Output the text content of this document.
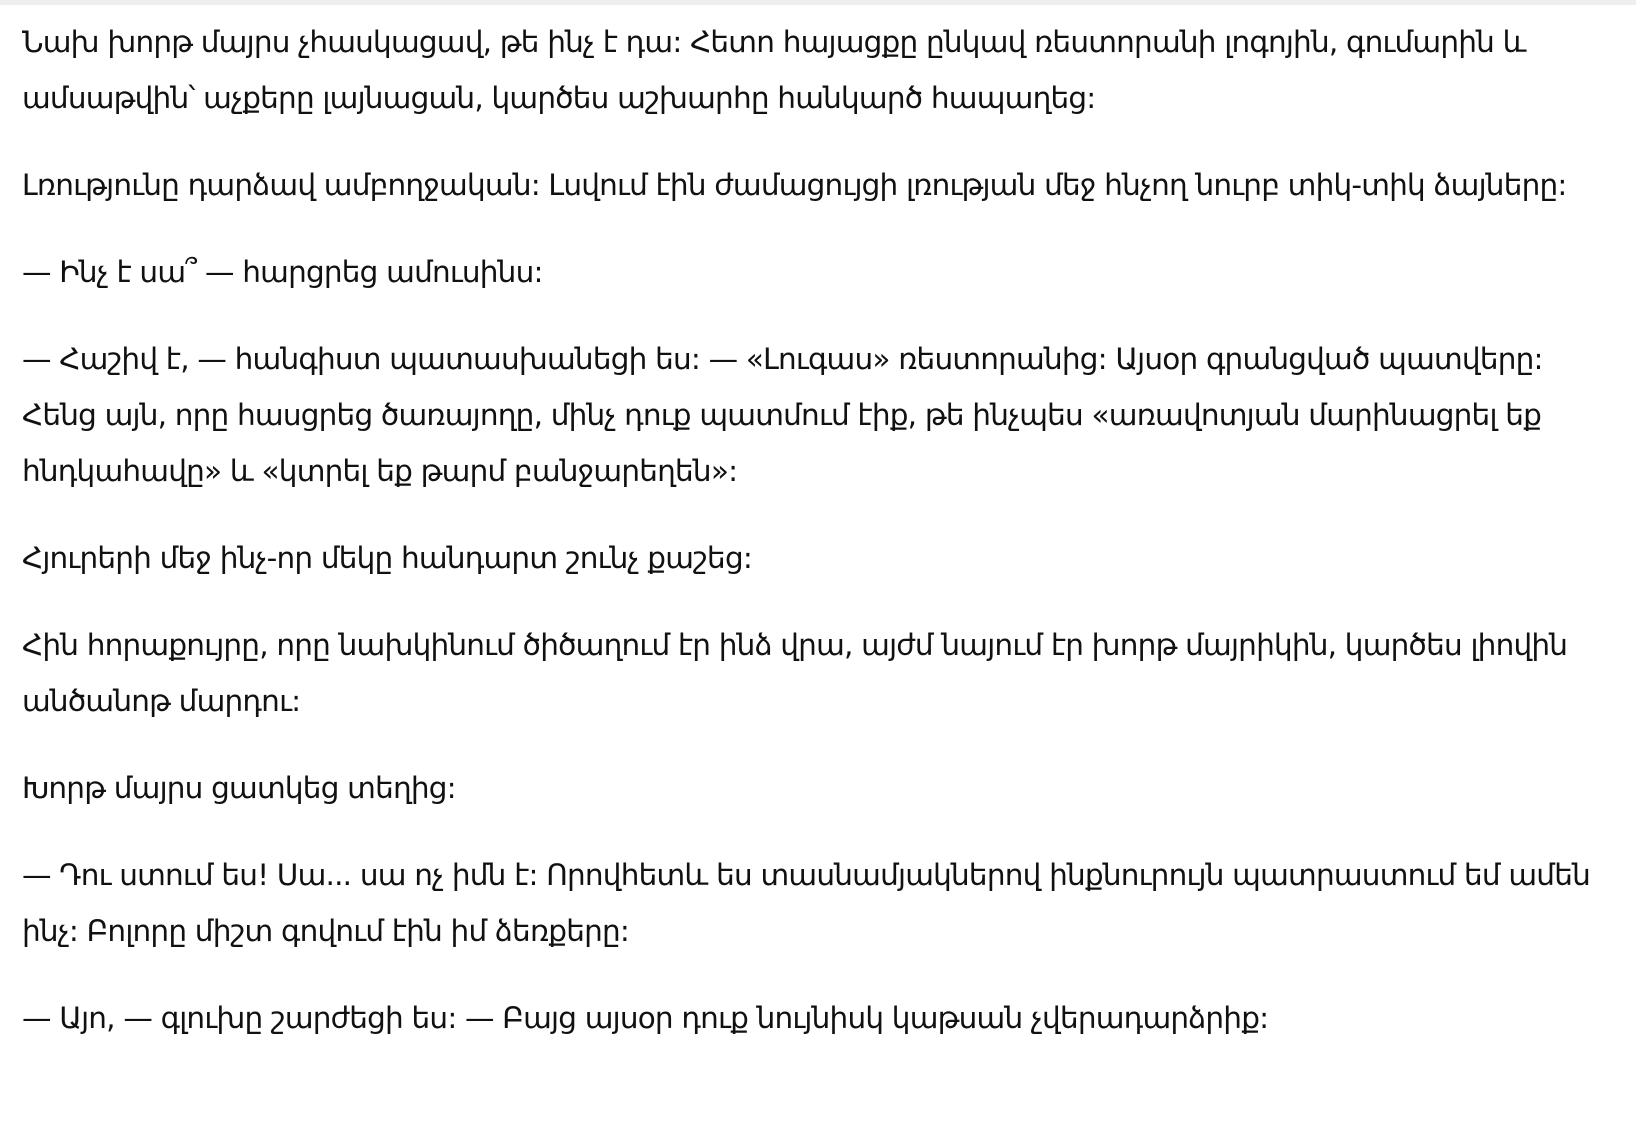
Նախ խորթ մայրս չհասկացավ, թե ինչ է դա: Հետո հայացքը ընկավ ռեստորանի լոգոյին, գումարին և ամսաթվին՝ աչքերը լայնացան, կարծես աշխարհը հանկարծ հապաղեց:

Լռությունը դարձավ ամբողջական: Լսվում էին ժամացույցի լռության մեջ հնչող նուրբ տիկ-տիկ ձայները:

— Ինչ է սա՞ — հարցրեց ամուսինս:

— Հաշիվ է, — հանգիստ պատասխանեցի ես: — «Լուգաս» ռեստորանից: Այսօր գրանցված պատվերը: Հենց այն, որը հասցրեց ծառայողը, մինչ դուք պատմում էիք, թե ինչպես «առավոտյան մարինացրել եք հնդկահավը» և «կտրել եք թարմ բանջարեղեն»:

Հյուրերի մեջ ինչ-որ մեկը հանդարտ շունչ քաշեց:

Հին հորաքույրը, որը նախկինում ծիծաղում էր ինձ վրա, այժմ նայում էր խորթ մայրիկին, կարծես լիովին անծանոթ մարդու:

Խորթ մայրս ցատկեց տեղից:

— Դու ստում ես! Սա... սա ոչ իմն է: Որովհետև ես տասնամյակներով ինքնուրույն պատրաստում եմ ամեն ինչ: Բոլորը միշտ գովում էին իմ ձեռքերը:

— Այո, — գլուխը շարժեցի ես: — Բայց այսօր դուք նույնիսկ կաթսան չվերադարձրիք:
